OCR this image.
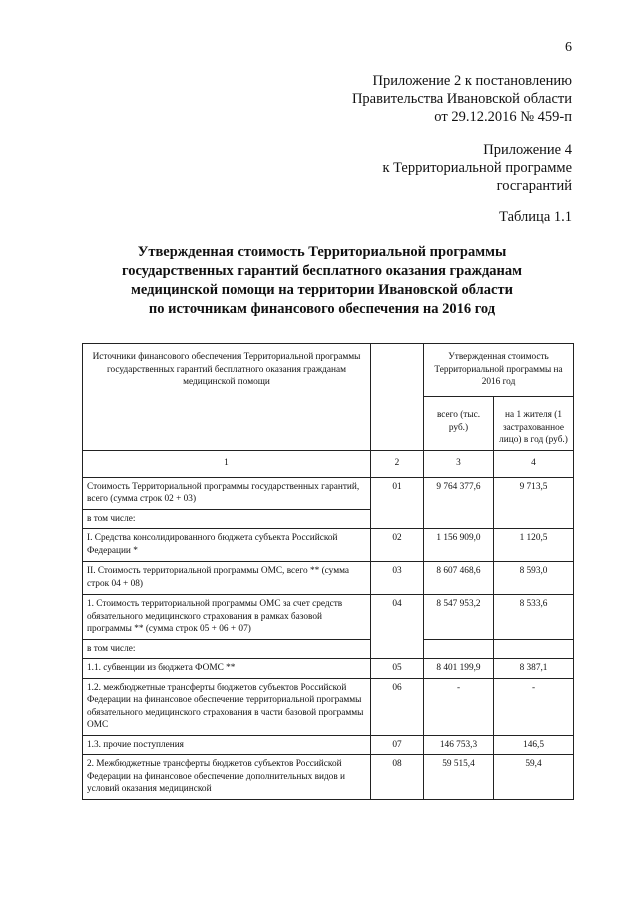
6
Приложение 2 к постановлению
Правительства Ивановской области
от 29.12.2016 № 459-п
Приложение 4
к Территориальной программе
госгарантий
Таблица 1.1
Утвержденная стоимость Территориальной программы
государственных гарантий бесплатного оказания гражданам
медицинской помощи на территории Ивановской области
по источникам финансового обеспечения на 2016 год
Источники финансового обеспечения Территориальной программы государственных гарантий бесплатного оказания гражданам медицинской помощи		Утвержденная стоимость Территориальной программы на 2016 год	
		всего (тыс. руб.)	на 1 жителя (1 застрахованное лицо) в год (руб.)
1	2	3	4
Стоимость Территориальной программы государственных гарантий, всего (сумма строк 02 + 03)	01	9 764 377,6	9 713,5
в том числе:			
I. Средства консолидированного бюджета субъекта Российской Федерации *	02	1 156 909,0	1 120,5
II. Стоимость территориальной программы ОМС, всего ** (сумма строк 04 + 08)	03	8 607 468,6	8 593,0
1. Стоимость территориальной программы ОМС за счет средств обязательного медицинского страхования в рамках базовой программы ** (сумма строк 05 + 06 + 07)	04	8 547 953,2	8 533,6
в том числе:			
1.1. субвенции из бюджета ФОМС **	05	8 401 199,9	8 387,1
1.2. межбюджетные трансферты бюджетов субъектов Российской Федерации на финансовое обеспечение территориальной программы обязательного медицинского страхования в части базовой программы ОМС	06	-	-
1.3. прочие поступления	07	146 753,3	146,5
2. Межбюджетные трансферты бюджетов субъектов Российской Федерации на финансовое обеспечение дополнительных видов и условий оказания медицинской	08	59 515,4	59,4
